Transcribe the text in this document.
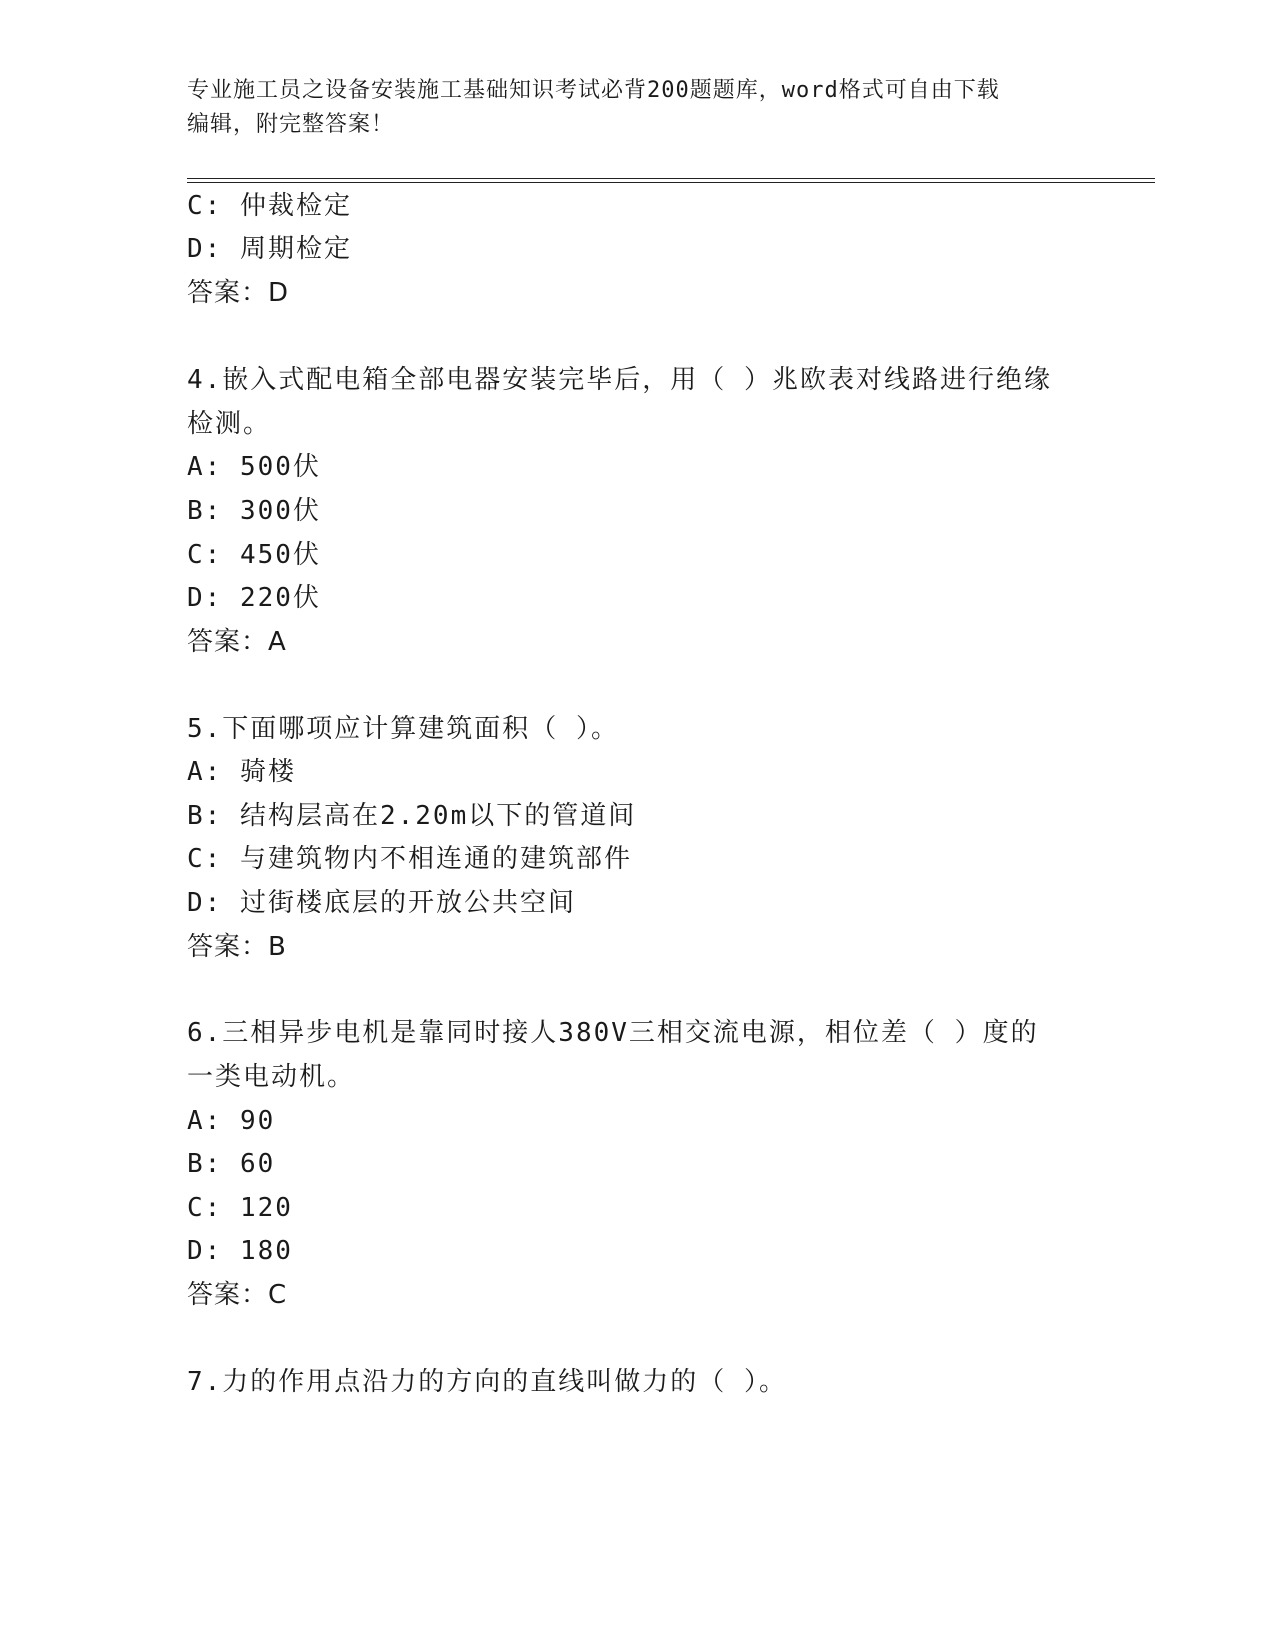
专业施工员之设备安装施工基础知识考试必背200题题库，word格式可自由下载
编辑，附完整答案！
C: 仲裁检定
D: 周期检定
答案：D
4.嵌入式配电箱全部电器安装完毕后，用（ ）兆欧表对线路进行绝缘
检测。
A: 500伏
B: 300伏
C: 450伏
D: 220伏
答案：A
5.下面哪项应计算建筑面积（ ）。
A: 骑楼
B: 结构层高在2.20m以下的管道间
C: 与建筑物内不相连通的建筑部件
D: 过街楼底层的开放公共空间
答案：B
6.三相异步电机是靠同时接人380V三相交流电源，相位差（ ）度的
一类电动机。
A: 90
B: 60
C: 120
D: 180
答案：C
7.力的作用点沿力的方向的直线叫做力的（ ）。
